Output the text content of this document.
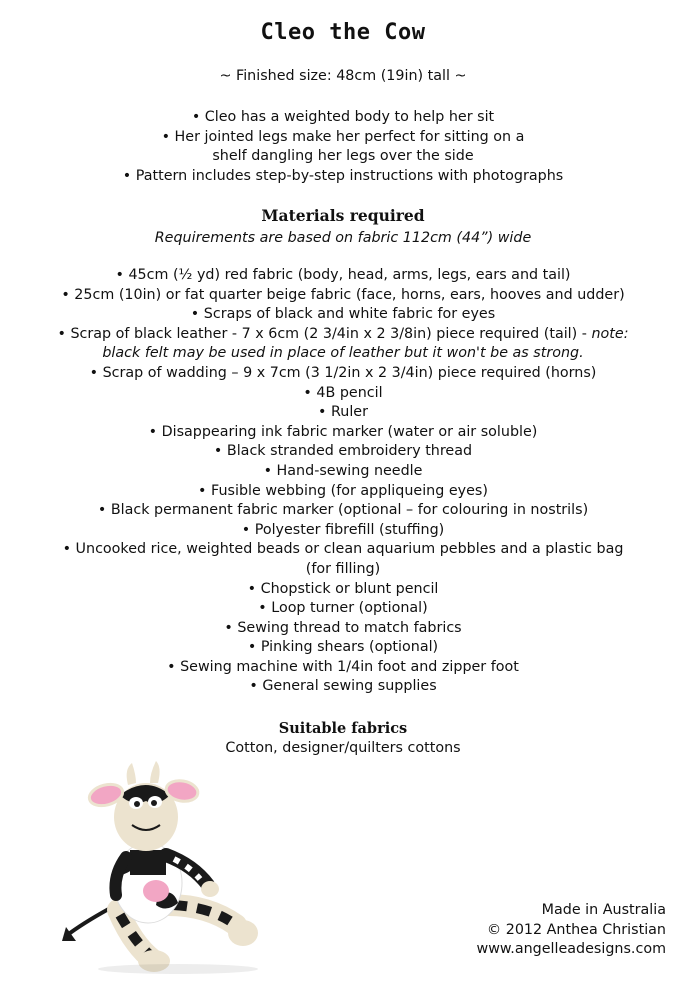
Cleo the Cow
~ Finished size: 48cm (19in) tall ~
• Cleo has a weighted body to help her sit
• Her jointed legs make her perfect for sitting on a
shelf dangling her legs over the side
• Pattern includes step-by-step instructions with photographs
Materials required
Requirements are based on fabric 112cm (44”) wide
• 45cm (½ yd) red fabric (body, head, arms, legs, ears and tail)
• 25cm (10in) or fat quarter beige fabric (face, horns, ears, hooves and udder)
• Scraps of black and white fabric for eyes
• Scrap of black leather - 7 x 6cm (2 3/4in x 2 3/8in) piece required (tail) - note:
black felt may be used in place of leather but it won't be as strong.
• Scrap of wadding – 9 x 7cm (3 1/2in x 2 3/4in) piece required (horns)
• 4B pencil
• Ruler
• Disappearing ink fabric marker (water or air soluble)
• Black stranded embroidery thread
• Hand-sewing needle
• Fusible webbing (for appliqueing eyes)
• Black permanent fabric marker (optional – for colouring in nostrils)
• Polyester fibrefill (stuffing)
• Uncooked rice, weighted beads or clean aquarium pebbles and a plastic bag
(for filling)
• Chopstick or blunt pencil
• Loop turner (optional)
• Sewing thread to match fabrics
• Pinking shears (optional)
• Sewing machine with 1/4in foot and zipper foot
• General sewing supplies
Suitable fabrics
Cotton, designer/quilters cottons
Made in Australia
© 2012 Anthea Christian
www.angelleadesigns.com
